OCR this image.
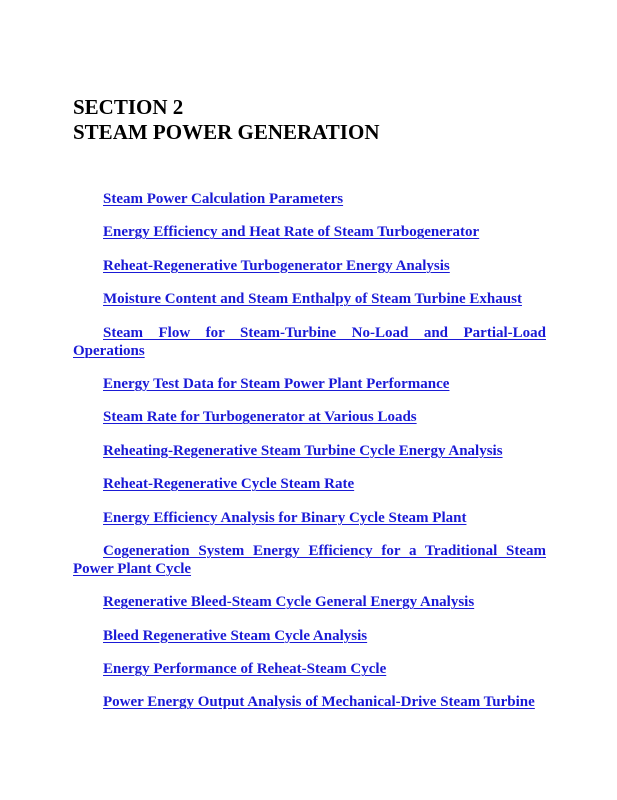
SECTION 2
STEAM POWER GENERATION
Steam Power Calculation Parameters
Energy Efficiency and Heat Rate of Steam Turbogenerator
Reheat-Regenerative Turbogenerator Energy Analysis
Moisture Content and Steam Enthalpy of Steam Turbine Exhaust
Steam Flow for Steam-Turbine No-Load and Partial-Load Operations
Energy Test Data for Steam Power Plant Performance
Steam Rate for Turbogenerator at Various Loads
Reheating-Regenerative Steam Turbine Cycle Energy Analysis
Reheat-Regenerative Cycle Steam Rate
Energy Efficiency Analysis for Binary Cycle Steam Plant
Cogeneration System Energy Efficiency for a Traditional Steam Power Plant Cycle
Regenerative Bleed-Steam Cycle General Energy Analysis
Bleed Regenerative Steam Cycle Analysis
Energy Performance of Reheat-Steam Cycle
Power Energy Output Analysis of Mechanical-Drive Steam Turbine
